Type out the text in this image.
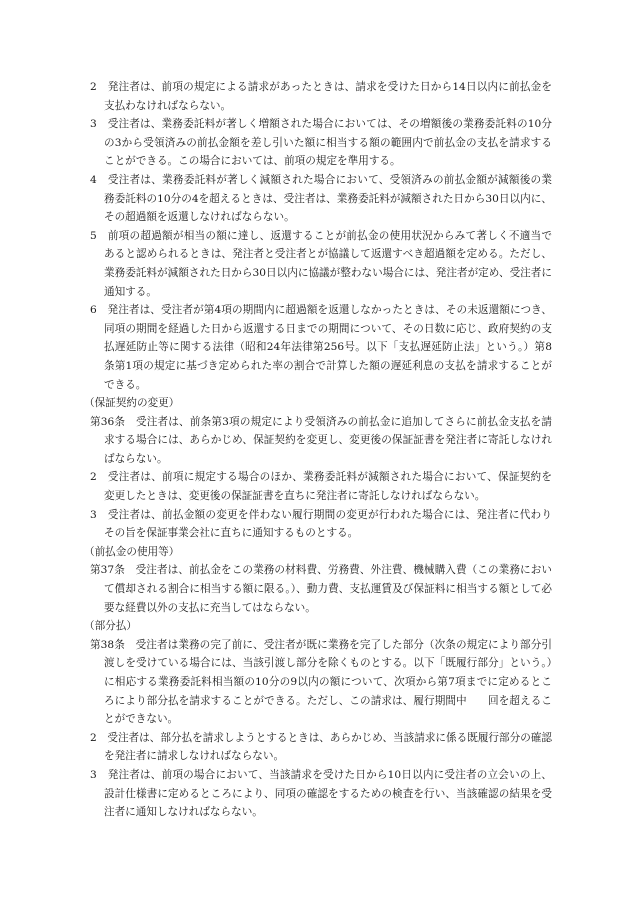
2　発注者は、前項の規定による請求があったときは、請求を受けた日から14日以内に前払金を支払わなければならない。

3　受注者は、業務委託料が著しく増額された場合においては、その増額後の業務委託料の10分の3から受領済みの前払金額を差し引いた額に相当する額の範囲内で前払金の支払を請求することができる。この場合においては、前項の規定を準用する。

4　受注者は、業務委託料が著しく減額された場合において、受領済みの前払金額が減額後の業務委託料の10分の4を超えるときは、受注者は、業務委託料が減額された日から30日以内に、その超過額を返還しなければならない。

5　前項の超過額が相当の額に達し、返還することが前払金の使用状況からみて著しく不適当であると認められるときは、発注者と受注者とが協議して返還すべき超過額を定める。ただし、業務委託料が減額された日から30日以内に協議が整わない場合には、発注者が定め、受注者に通知する。

6　発注者は、受注者が第4項の期間内に超過額を返還しなかったときは、その未返還額につき、同項の期間を経過した日から返還する日までの期間について、その日数に応じ、政府契約の支払遅延防止等に関する法律（昭和24年法律第256号。以下「支払遅延防止法」という。）第8条第1項の規定に基づき定められた率の割合で計算した額の遅延利息の支払を請求することができる。

（保証契約の変更）

第36条　受注者は、前条第3項の規定により受領済みの前払金に追加してさらに前払金支払を請求する場合には、あらかじめ、保証契約を変更し、変更後の保証証書を発注者に寄託しなければならない。

2　受注者は、前項に規定する場合のほか、業務委託料が減額された場合において、保証契約を変更したときは、変更後の保証証書を直ちに発注者に寄託しなければならない。

3　受注者は、前払金額の変更を伴わない履行期間の変更が行われた場合には、発注者に代わりその旨を保証事業会社に直ちに通知するものとする。

（前払金の使用等）

第37条　受注者は、前払金をこの業務の材料費、労務費、外注費、機械購入費（この業務において償却される割合に相当する額に限る。）、動力費、支払運賃及び保証料に相当する額として必要な経費以外の支払に充当してはならない。

（部分払）

第38条　受注者は業務の完了前に、受注者が既に業務を完了した部分（次条の規定により部分引渡しを受けている場合には、当該引渡し部分を除くものとする。以下「既履行部分」という。）に相応する業務委託料相当額の10分の9以内の額について、次項から第7項までに定めるところにより部分払を請求することができる。ただし、この請求は、履行期間中　　回を超えることができない。

2　受注者は、部分払を請求しようとするときは、あらかじめ、当該請求に係る既履行部分の確認を発注者に請求しなければならない。

3　発注者は、前項の場合において、当該請求を受けた日から10日以内に受注者の立会いの上、設計仕様書に定めるところにより、同項の確認をするための検査を行い、当該確認の結果を受注者に通知しなければならない。
